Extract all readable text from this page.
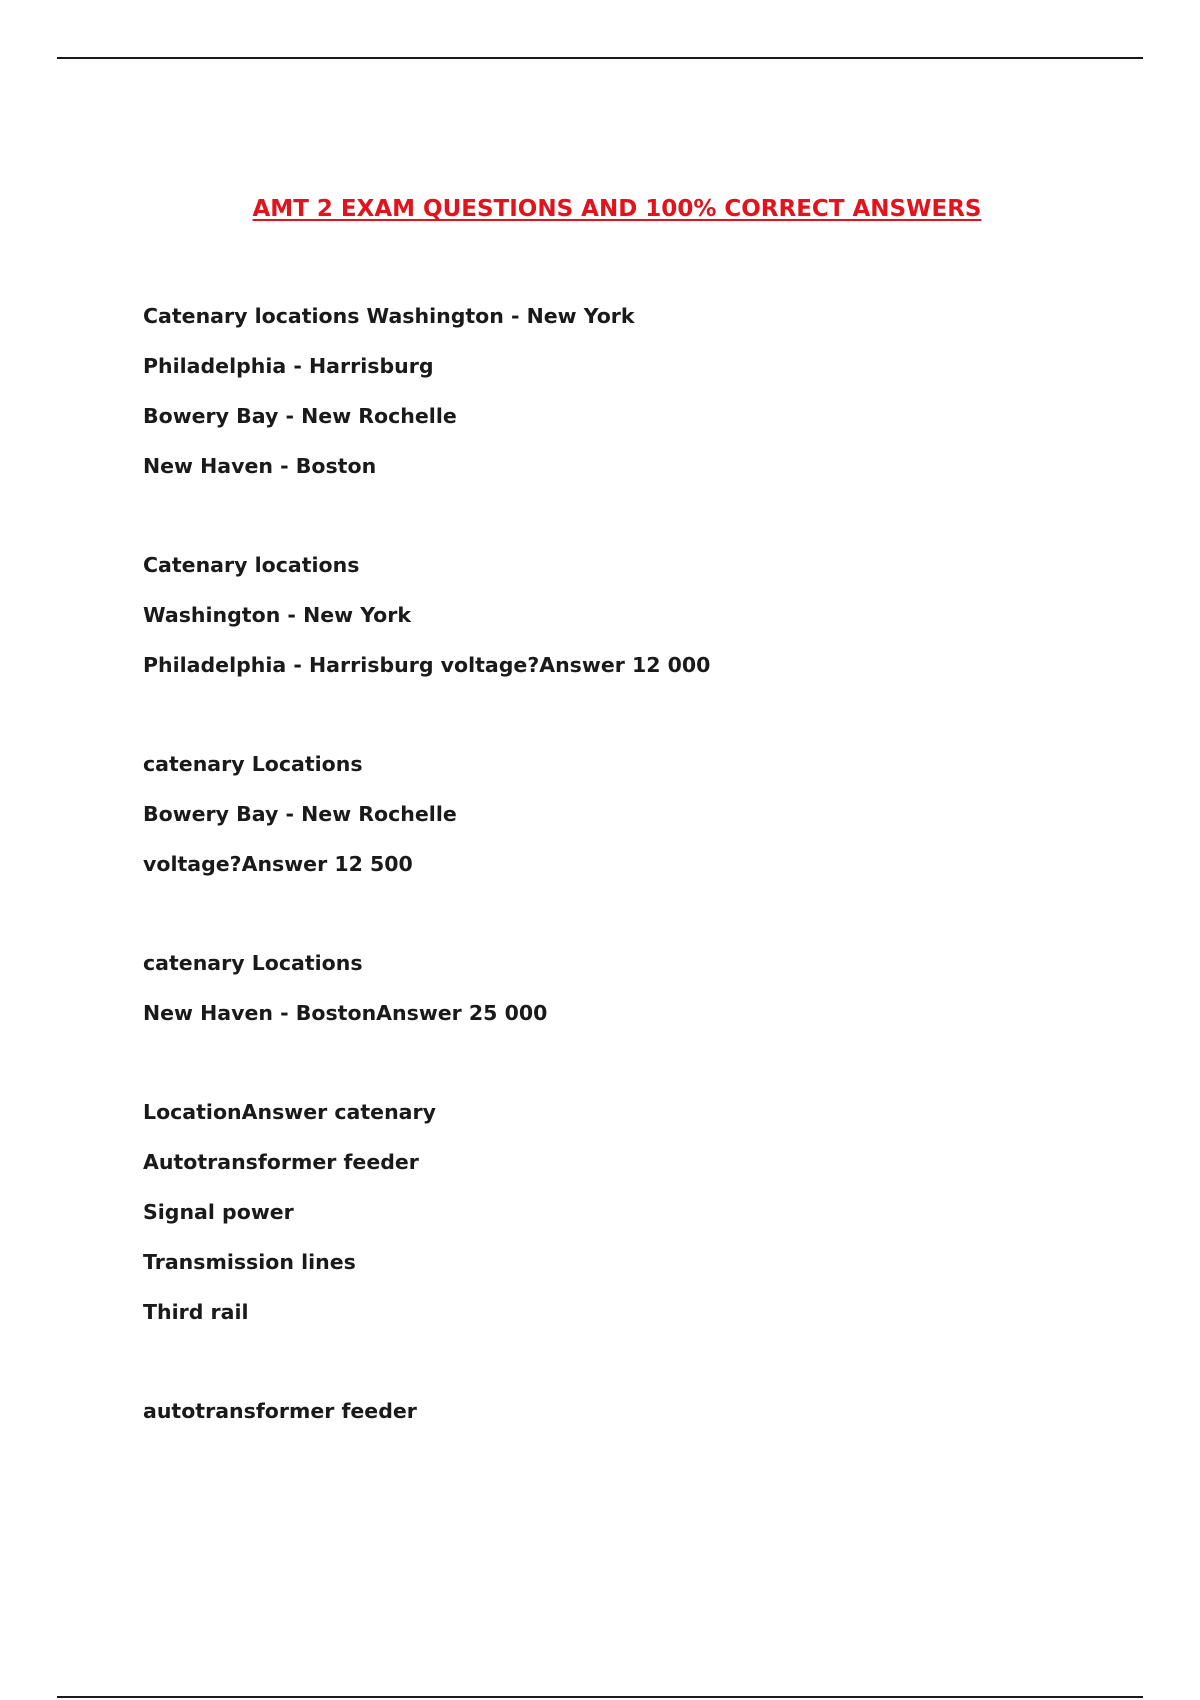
AMT 2 EXAM QUESTIONS AND 100% CORRECT ANSWERS
Catenary locations Washington - New York
Philadelphia - Harrisburg
Bowery Bay - New Rochelle
New Haven - Boston
Catenary locations
Washington - New York
Philadelphia - Harrisburg voltage?Answer 12 000
catenary Locations
Bowery Bay - New Rochelle
voltage?Answer 12 500
catenary Locations
New Haven - BostonAnswer 25 000
LocationAnswer catenary
Autotransformer feeder
Signal power
Transmission lines
Third rail
autotransformer feeder
